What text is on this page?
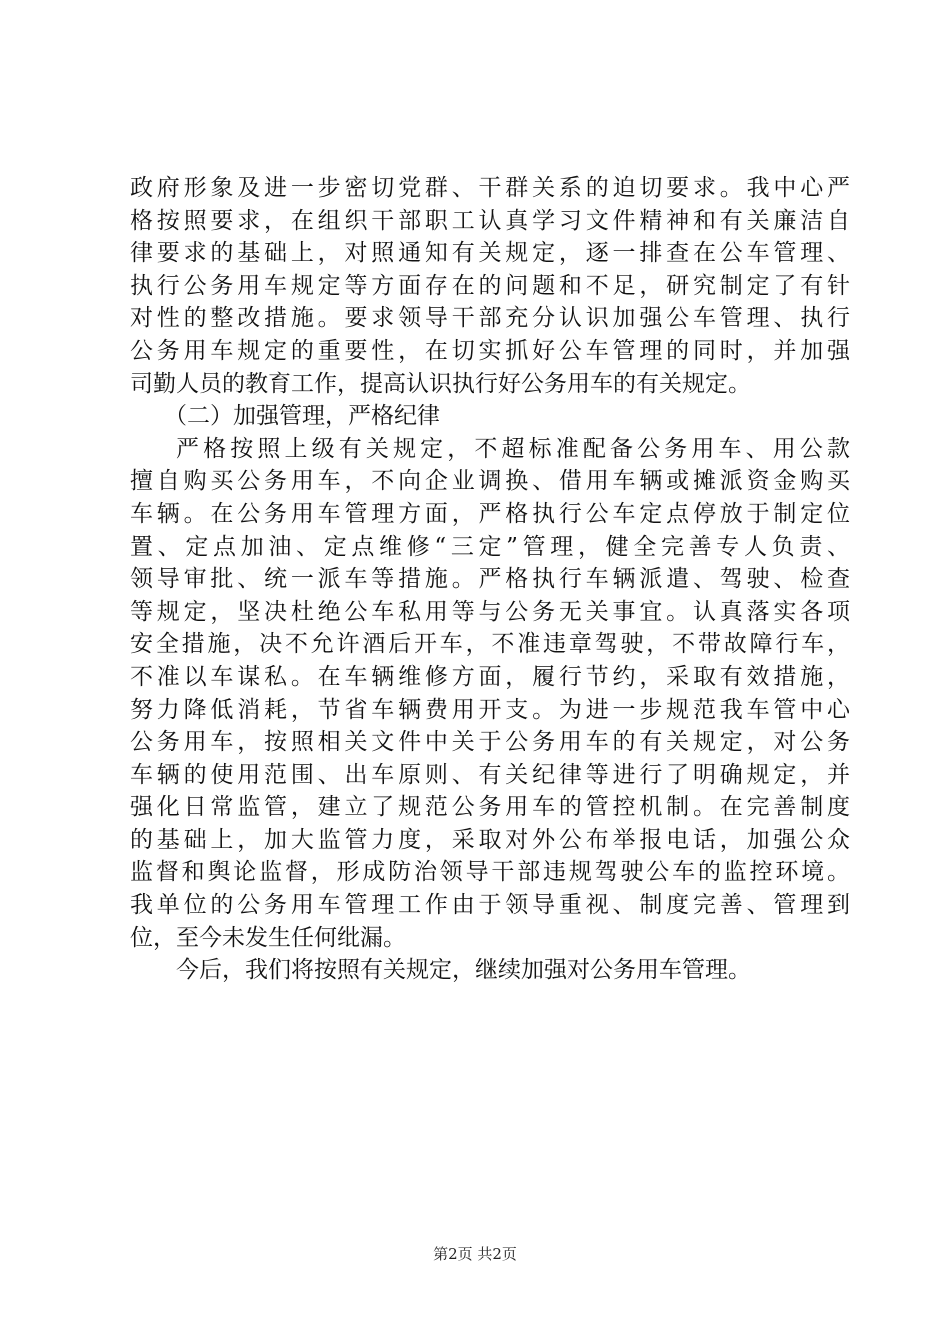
政府形象及进一步密切党群、干群关系的迫切要求。我中心严
格按照要求，在组织干部职工认真学习文件精神和有关廉洁自
律要求的基础上，对照通知有关规定，逐一排查在公车管理、
执行公务用车规定等方面存在的问题和不足，研究制定了有针
对性的整改措施。要求领导干部充分认识加强公车管理、执行
公务用车规定的重要性，在切实抓好公车管理的同时，并加强
司勤人员的教育工作，提高认识执行好公务用车的有关规定。
（二）加强管理，严格纪律
严格按照上级有关规定，不超标准配备公务用车、用公款
擅自购买公务用车，不向企业调换、借用车辆或摊派资金购买
车辆。在公务用车管理方面，严格执行公车定点停放于制定位
置、定点加油、定点维修“三定”管理，健全完善专人负责、
领导审批、统一派车等措施。严格执行车辆派遣、驾驶、检查
等规定，坚决杜绝公车私用等与公务无关事宜。认真落实各项
安全措施，决不允许酒后开车，不准违章驾驶，不带故障行车，
不准以车谋私。在车辆维修方面，履行节约，采取有效措施，
努力降低消耗，节省车辆费用开支。为进一步规范我车管中心
公务用车，按照相关文件中关于公务用车的有关规定，对公务
车辆的使用范围、出车原则、有关纪律等进行了明确规定，并
强化日常监管，建立了规范公务用车的管控机制。在完善制度
的基础上，加大监管力度，采取对外公布举报电话，加强公众
监督和舆论监督，形成防治领导干部违规驾驶公车的监控环境。
我单位的公务用车管理工作由于领导重视、制度完善、管理到
位，至今未发生任何纰漏。
今后，我们将按照有关规定，继续加强对公务用车管理。
第2页 共2页
